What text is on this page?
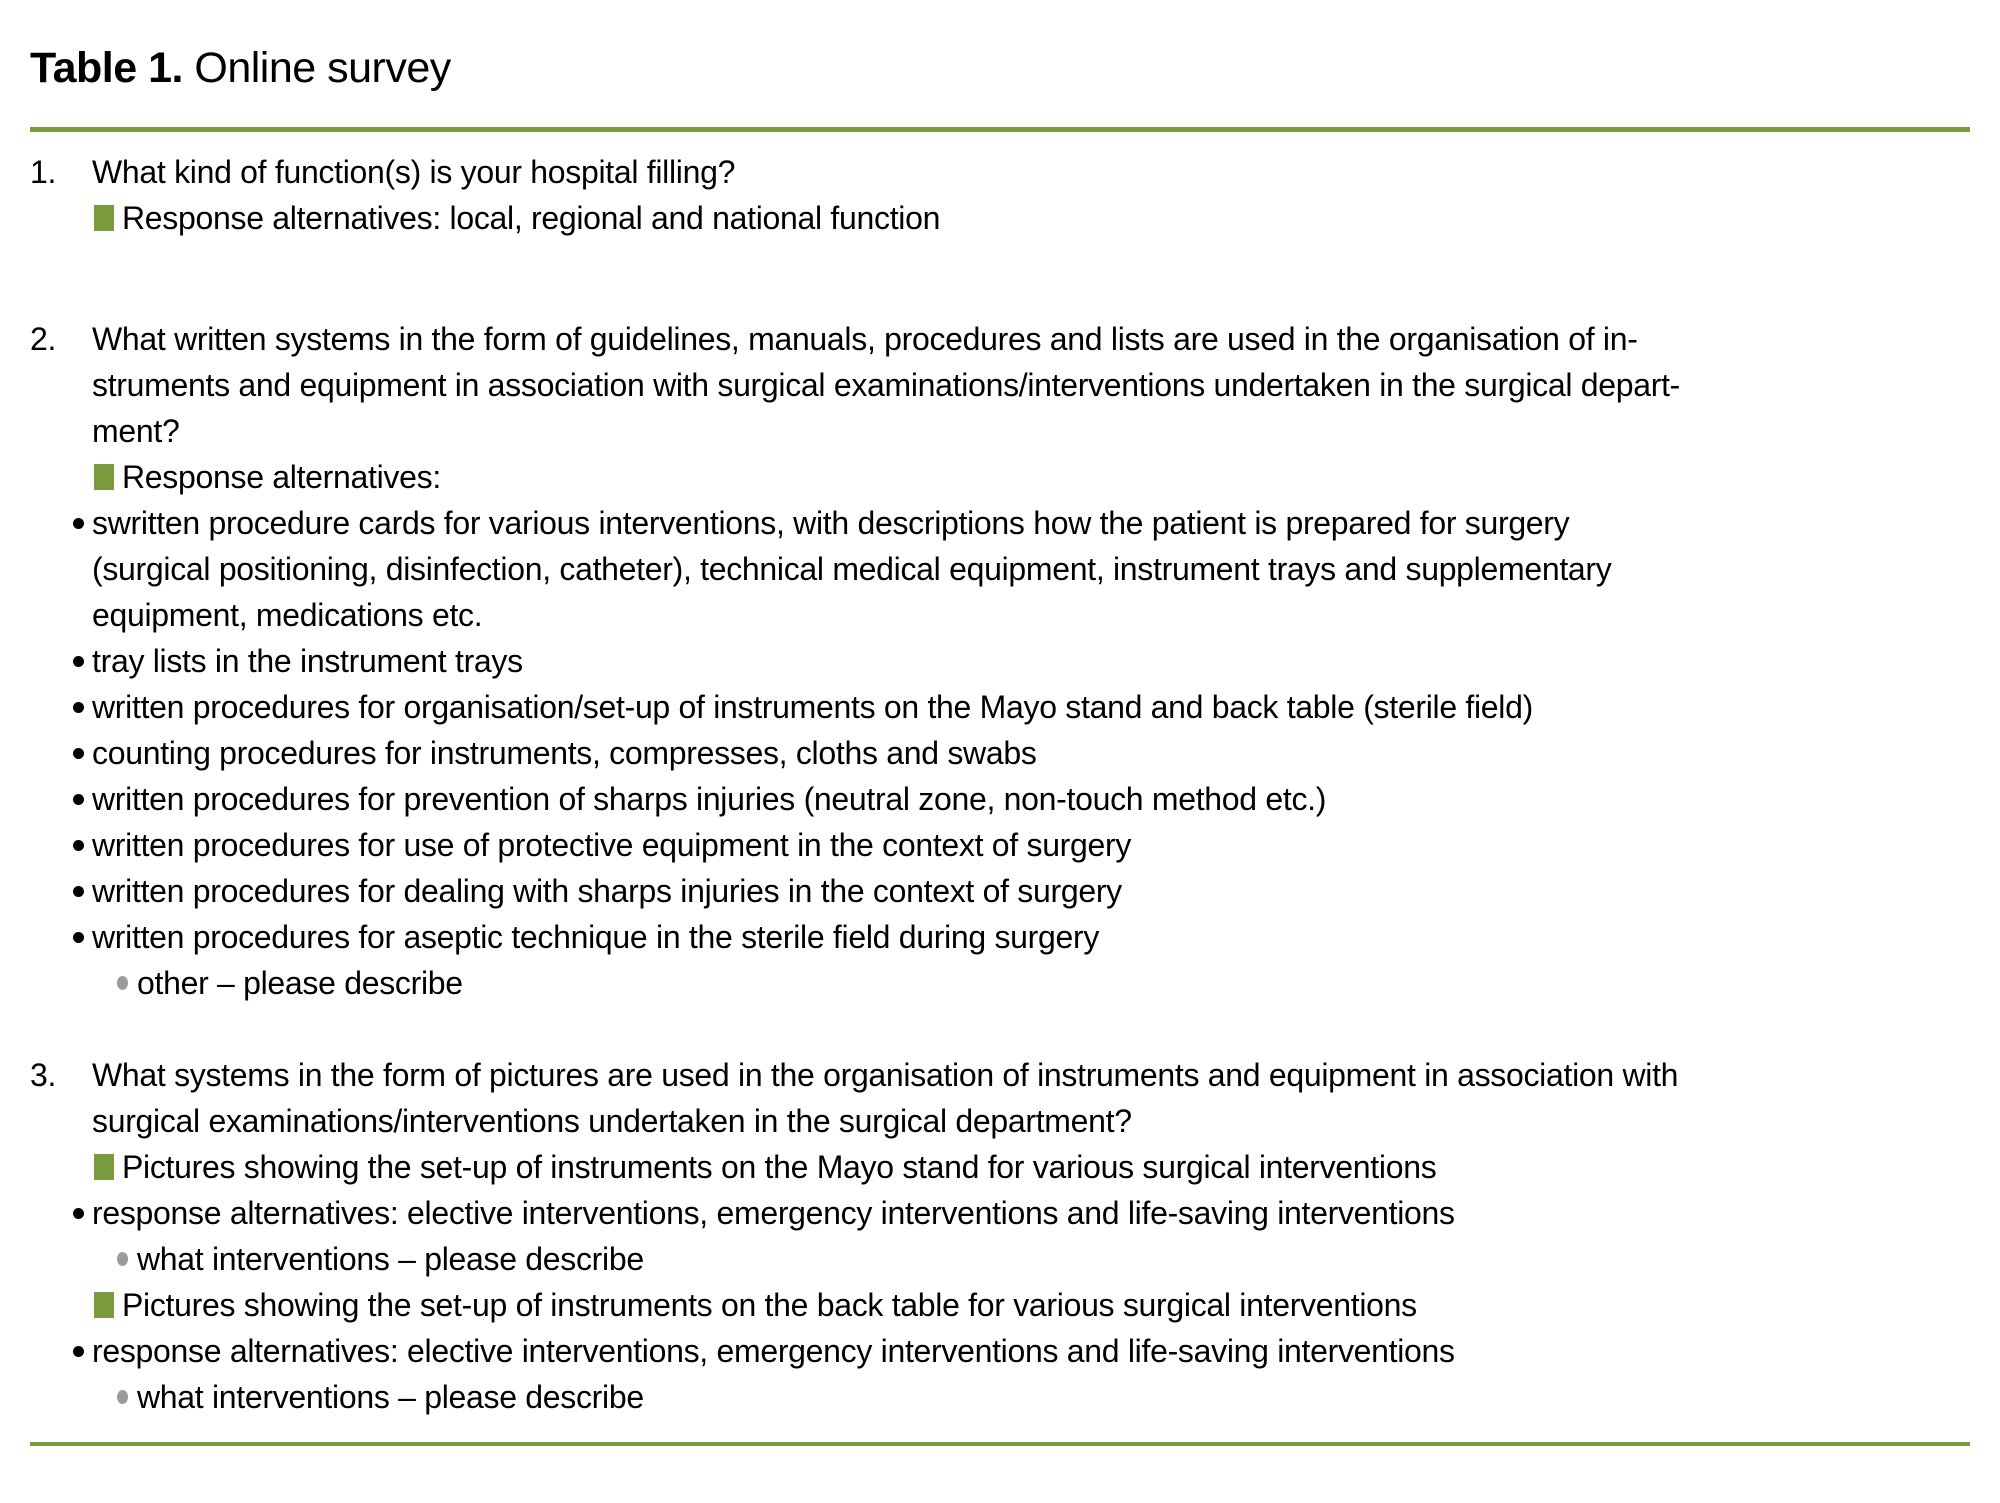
Table 1. Online survey
1.	What kind of function(s) is your hospital filling?
Response alternatives: local, regional and national function
2.	What written systems in the form of guidelines, manuals, procedures and lists are used in the organisation of in-
struments and equipment in association with surgical examinations/interventions undertaken in the surgical depart-
ment?
Response alternatives:
swritten procedure cards for various interventions, with descriptions how the patient is prepared for surgery
(surgical positioning, disinfection, catheter), technical medical equipment, instrument trays and supplementary
equipment, medications etc.
tray lists in the instrument trays
written procedures for organisation/set-up of instruments on the Mayo stand and back table (sterile field)
counting procedures for instruments, compresses, cloths and swabs
written procedures for prevention of sharps injuries (neutral zone, non-touch method etc.)
written procedures for use of protective equipment in the context of surgery
written procedures for dealing with sharps injuries in the context of surgery
written procedures for aseptic technique in the sterile field during surgery
other – please describe
3.	What systems in the form of pictures are used in the organisation of instruments and equipment in association with
surgical examinations/interventions undertaken in the surgical department?
Pictures showing the set-up of instruments on the Mayo stand for various surgical interventions
response alternatives: elective interventions, emergency interventions and life-saving interventions
what interventions – please describe
Pictures showing the set-up of instruments on the back table for various surgical interventions
response alternatives: elective interventions, emergency interventions and life-saving interventions
what interventions – please describe
